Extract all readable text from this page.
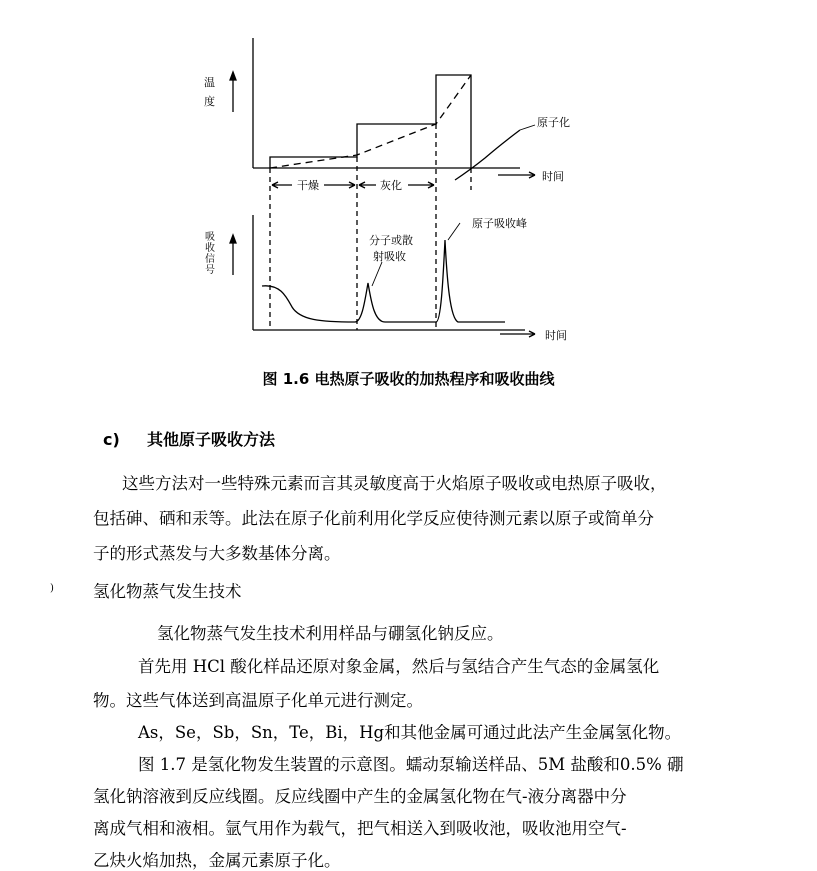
温
度
干燥	灰化
原子化
时间
吸
收
信
号
分子或散
射吸收
原子吸收峰
时间
图 1.6 电热原子吸收的加热程序和吸收曲线
c) 其他原子吸收方法
这些方法对一些特殊元素而言其灵敏度高于火焰原子吸收或电热原子吸收，
包括砷、硒和汞等。此法在原子化前利用化学反应使待测元素以原子或简单分
子的形式蒸发与大多数基体分离。
) 氢化物蒸气发生技术
氢化物蒸气发生技术利用样品与硼氢化钠反应。
首先用 HCl 酸化样品还原对象金属，然后与氢结合产生气态的金属氢化
物。这些气体送到高温原子化单元进行测定。
As，Se，Sb，Sn，Te，Bi，Hg和其他金属可通过此法产生金属氢化物。
图 1.7 是氢化物发生装置的示意图。蠕动泵输送样品、5M 盐酸和0.5% 硼
氢化钠溶液到反应线圈。反应线圈中产生的金属氢化物在气-液分离器中分
离成气相和液相。氩气用作为载气，把气相送入到吸收池，吸收池用空气-
乙炔火焰加热，金属元素原子化。
